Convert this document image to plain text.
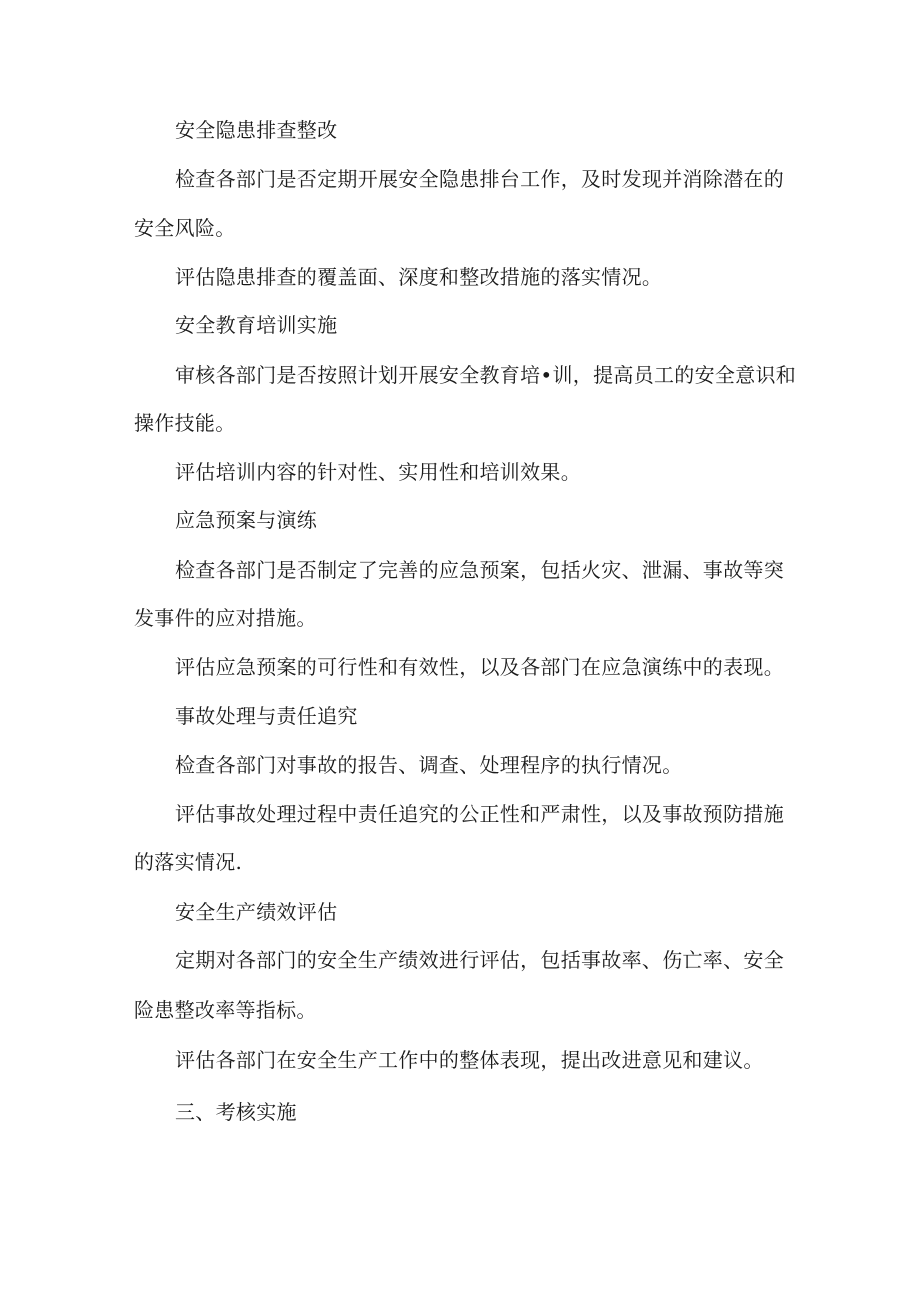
安全隐患排查整改
检查各部门是否定期开展安全隐患排台工作，及时发现并消除潜在的
安全风险。
评估隐患排查的覆盖面、深度和整改措施的落实情况。
安全教育培训实施
审核各部门是否按照计划开展安全教育培•训，提高员工的安全意识和
操作技能。
评估培训内容的针对性、实用性和培训效果。
应急预案与演练
检查各部门是否制定了完善的应急预案，包括火灾、泄漏、事故等突
发事件的应对措施。
评估应急预案的可行性和有效性，以及各部门在应急演练中的表现。
事故处理与责任追究
检查各部门对事故的报告、调查、处理程序的执行情况。
评估事故处理过程中责任追究的公正性和严肃性，以及事故预防措施
的落实情况.
安全生产绩效评估
定期对各部门的安全生产绩效进行评估，包括事故率、伤亡率、安全
险患整改率等指标。
评估各部门在安全生产工作中的整体表现，提出改进意见和建议。
三、考核实施
